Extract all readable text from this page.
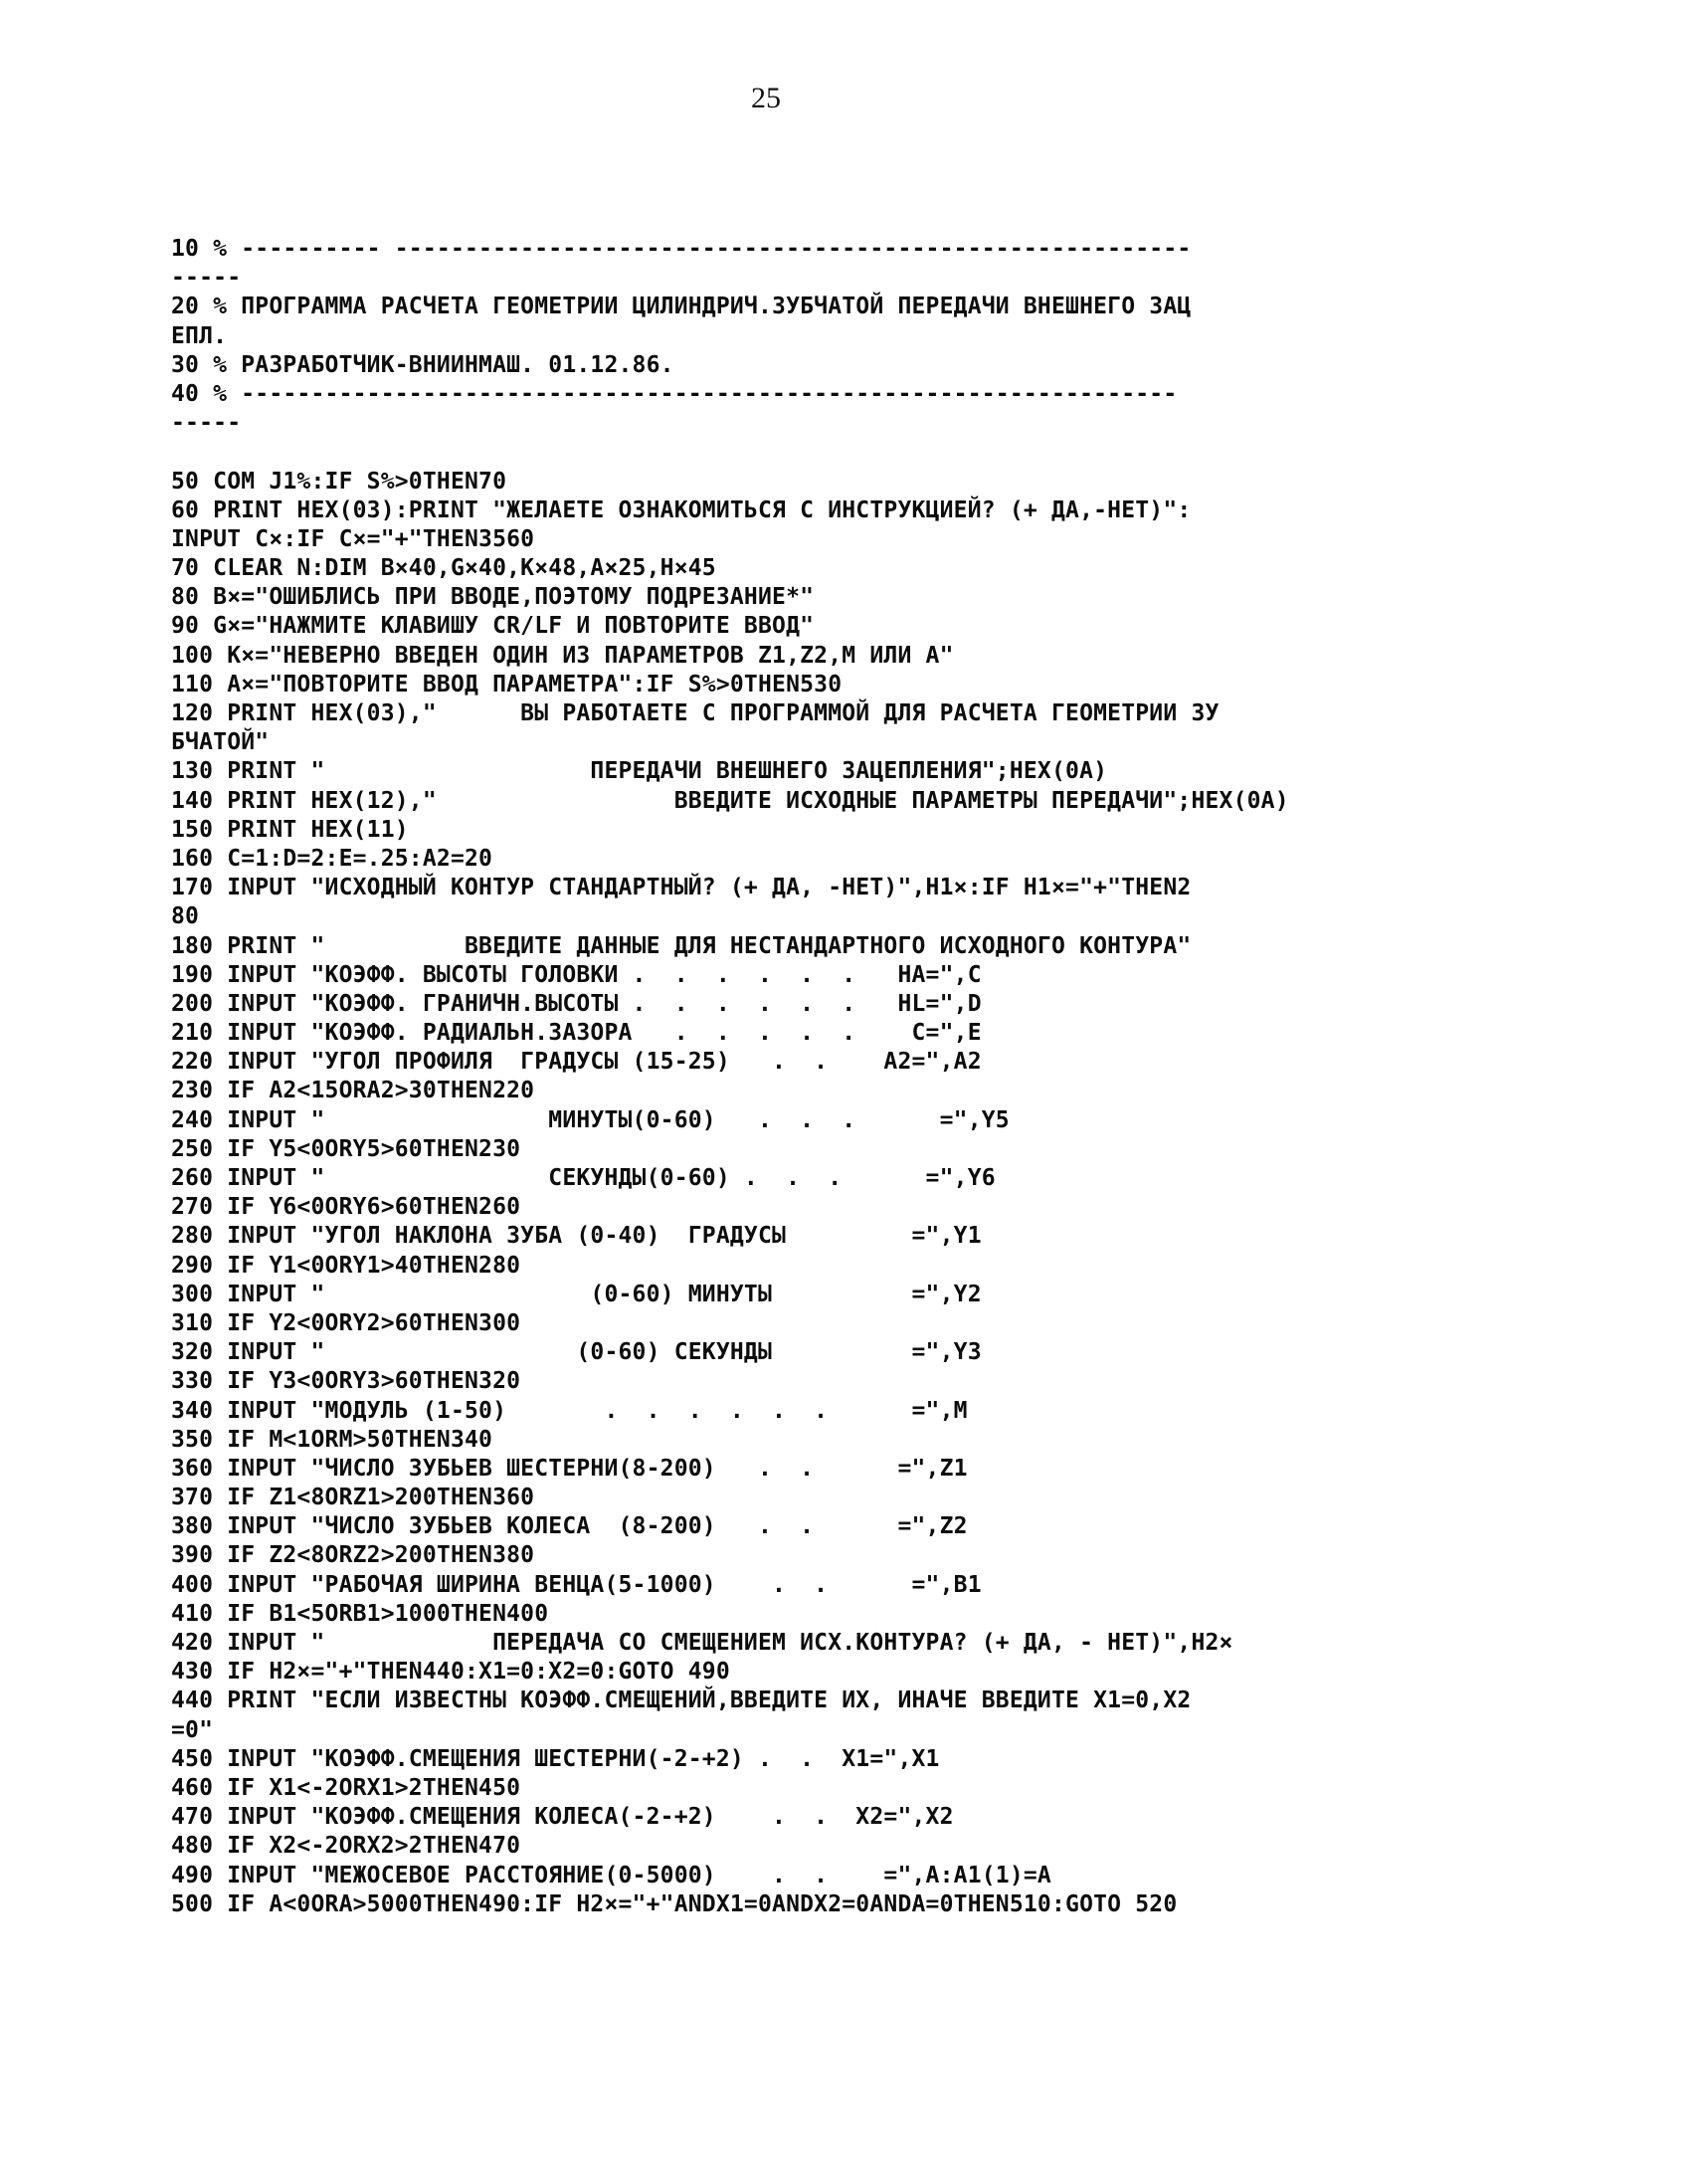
25
10 % ---------- ---------------------------------------------------------
-----
20 % ПРОГРАММА РАСЧЕТА ГЕОМЕТРИИ ЦИЛИНДРИЧ.ЗУБЧАТОЙ ПЕРЕДАЧИ ВНЕШНЕГО ЗАЦ
ЕПЛ.
30 % РАЗРАБОТЧИК-ВНИИНМАШ. 01.12.86.
40 % -------------------------------------------------------------------
-----
50 COM J1%:IF S%>0THEN70
60 PRINT HEX(03):PRINT "ЖЕЛАЕТЕ ОЗНАКОМИТЬСЯ С ИНСТРУКЦИЕЙ? (+ ДА,-НЕТ)":
INPUT C×:IF C×="+"THEN3560
70 CLEAR N:DIM B×40,G×40,K×48,A×25,H×45
80 B×="ОШИБЛИСЬ ПРИ ВВОДЕ,ПОЭТОМУ ПОДРЕЗАНИЕ*"
90 G×="НАЖМИТЕ КЛАВИШУ CR/LF И ПОВТОРИТЕ ВВОД"
100 K×="НЕВЕРНО ВВЕДЕН ОДИН ИЗ ПАРАМЕТРОВ Z1,Z2,M ИЛИ A"
110 A×="ПОВТОРИТЕ ВВОД ПАРАМЕТРА":IF S%>0THEN530
120 PRINT HEX(03),"      ВЫ РАБОТАЕТЕ С ПРОГРАММОЙ ДЛЯ РАСЧЕТА ГЕОМЕТРИИ ЗУ
БЧАТОЙ"
130 PRINT "                   ПЕРЕДАЧИ ВНЕШНЕГО ЗАЦЕПЛЕНИЯ";HEX(0A)
140 PRINT HEX(12),"                 ВВЕДИТЕ ИСХОДНЫЕ ПАРАМЕТРЫ ПЕРЕДАЧИ";HEX(0A)
150 PRINT HEX(11)
160 C=1:D=2:E=.25:A2=20
170 INPUT "ИСХОДНЫЙ КОНТУР СТАНДАРТНЫЙ? (+ ДА, -НЕТ)",H1×:IF H1×="+"THEN2
80
180 PRINT "          ВВЕДИТЕ ДАННЫЕ ДЛЯ НЕСТАНДАРТНОГО ИСХОДНОГО КОНТУРА"
190 INPUT "КОЭФФ. ВЫСОТЫ ГОЛОВКИ .  .  .  .  .  .   HA=",C
200 INPUT "КОЭФФ. ГРАНИЧН.ВЫСОТЫ .  .  .  .  .  .   HL=",D
210 INPUT "КОЭФФ. РАДИАЛЬН.ЗАЗОРА   .  .  .  .  .    C=",E
220 INPUT "УГОЛ ПРОФИЛЯ  ГРАДУСЫ (15-25)   .  .    A2=",A2
230 IF A2<15ORA2>30THEN220
240 INPUT "                МИНУТЫ(0-60)   .  .  .      =",Y5
250 IF Y5<0ORY5>60THEN230
260 INPUT "                СЕКУНДЫ(0-60) .  .  .      =",Y6
270 IF Y6<0ORY6>60THEN260
280 INPUT "УГОЛ НАКЛОНА ЗУБА (0-40)  ГРАДУСЫ         =",Y1
290 IF Y1<0ORY1>40THEN280
300 INPUT "                   (0-60) МИНУТЫ          =",Y2
310 IF Y2<0ORY2>60THEN300
320 INPUT "                  (0-60) СЕКУНДЫ          =",Y3
330 IF Y3<0ORY3>60THEN320
340 INPUT "МОДУЛЬ (1-50)       .  .  .  .  .  .      =",M
350 IF M<1ORM>50THEN340
360 INPUT "ЧИСЛО ЗУБЬЕВ ШЕСТЕРНИ(8-200)   .  .      =",Z1
370 IF Z1<8ORZ1>200THEN360
380 INPUT "ЧИСЛО ЗУБЬЕВ КОЛЕСА  (8-200)   .  .      =",Z2
390 IF Z2<8ORZ2>200THEN380
400 INPUT "РАБОЧАЯ ШИРИНА ВЕНЦА(5-1000)    .  .      =",B1
410 IF B1<5ORB1>1000THEN400
420 INPUT "            ПЕРЕДАЧА СО СМЕЩЕНИЕМ ИСХ.КОНТУРА? (+ ДА, - НЕТ)",H2×
430 IF H2×="+"THEN440:X1=0:X2=0:GOTO 490
440 PRINT "ЕСЛИ ИЗВЕСТНЫ КОЭФФ.СМЕЩЕНИЙ,ВВЕДИТЕ ИХ, ИНАЧЕ ВВЕДИТЕ X1=0,X2
=0"
450 INPUT "КОЭФФ.СМЕЩЕНИЯ ШЕСТЕРНИ(-2-+2) .  .  X1=",X1
460 IF X1<-2ORX1>2THEN450
470 INPUT "КОЭФФ.СМЕЩЕНИЯ КОЛЕСА(-2-+2)    .  .  X2=",X2
480 IF X2<-2ORX2>2THEN470
490 INPUT "МЕЖОСЕВОЕ РАССТОЯНИЕ(0-5000)    .  .    =",A:A1(1)=A
500 IF A<0ORA>5000THEN490:IF H2×="+"ANDX1=0ANDX2=0ANDA=0THEN510:GOTO 520
